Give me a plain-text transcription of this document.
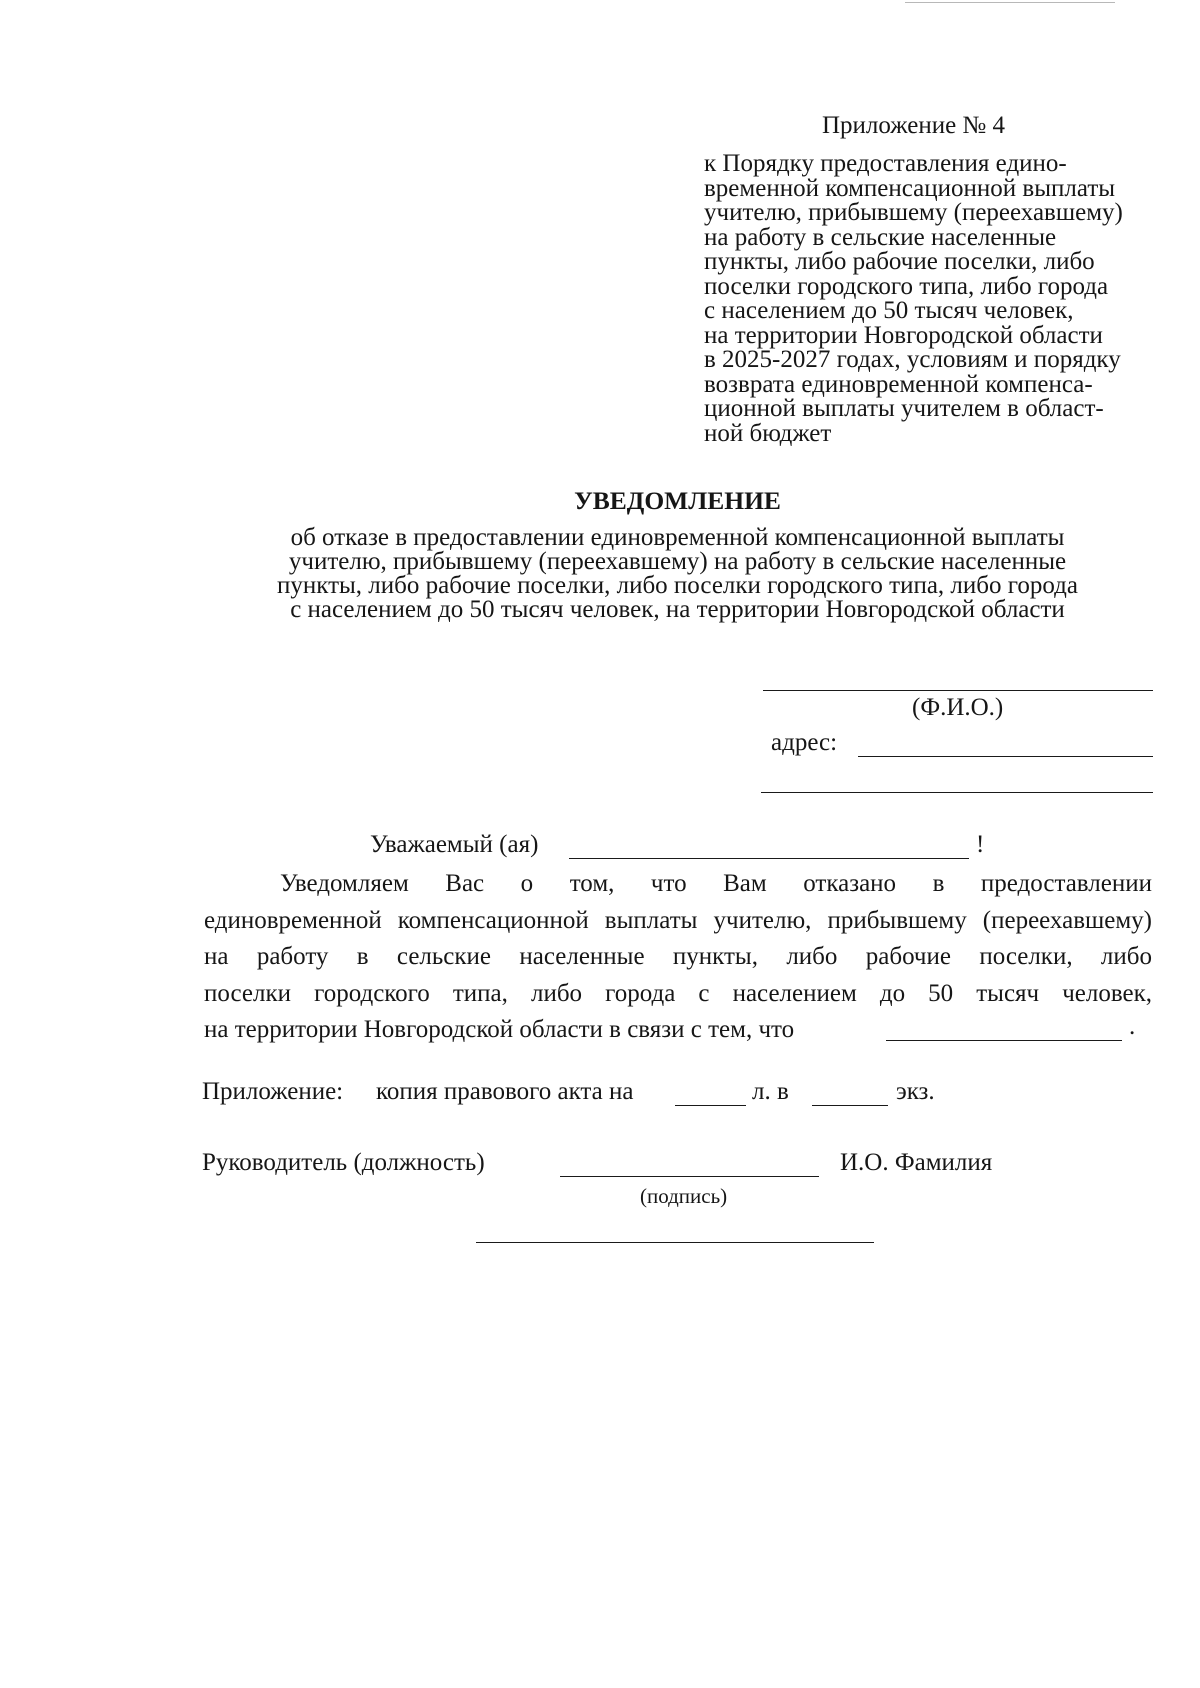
Приложение № 4
к Порядку предоставления едино-
временной компенсационной выплаты
учителю, прибывшему (переехавшему)
на работу в сельские населенные
пункты, либо рабочие поселки, либо
поселки городского типа, либо города
с населением до 50 тысяч человек,
на территории Новгородской области
в 2025-2027 годах, условиям и порядку
возврата единовременной компенса-
ционной выплаты учителем в област-
ной бюджет
УВЕДОМЛЕНИЕ
об отказе в предоставлении единовременной компенсационной выплаты
учителю, прибывшему (переехавшему) на работу в сельские населенные
пункты, либо рабочие поселки, либо поселки городского типа, либо города
с населением до 50 тысяч человек, на территории Новгородской области
(Ф.И.О.)
адрес:
Уважаемый (ая)	!
Уведомляем Вас о том, что Вам отказано в предоставлении
единовременной компенсационной выплаты учителю, прибывшему (переехавшему)
на работу в сельские населенные пункты, либо рабочие поселки, либо
поселки городского типа, либо города с населением до 50 тысяч человек,
на территории Новгородской области в связи с тем, что	.
Приложение: копия правового акта на	л. в	экз.
Руководитель (должность)	И.О. Фамилия
(подпись)
